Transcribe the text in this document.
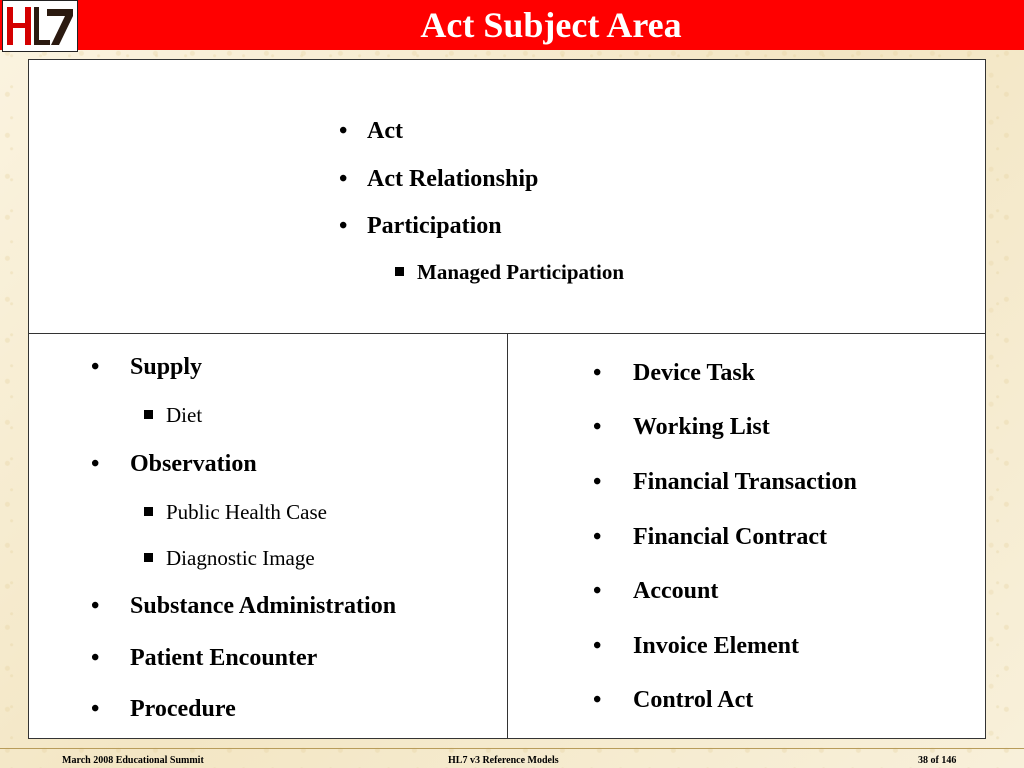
Act Subject Area
•Act
•Act Relationship
•Participation
Managed Participation
•Supply
Diet
•Observation
Public Health Case
Diagnostic Image
•Substance Administration
•Patient Encounter
•Procedure
•Device Task
•Working List
•Financial Transaction
•Financial Contract
•Account
•Invoice Element
•Control Act
March 2008 Educational Summit	HL7 v3 Reference Models	38 of 146
